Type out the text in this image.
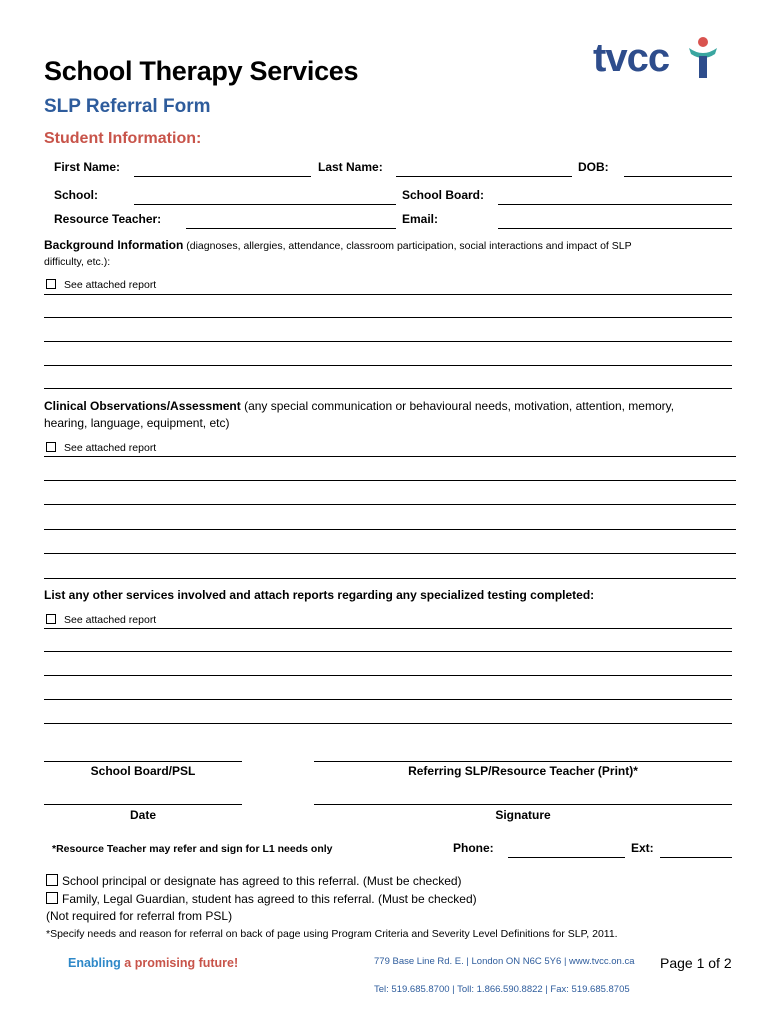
School Therapy Services
SLP Referral Form
tvcc
Student Information:
First Name:	Last Name:	DOB:
School:	School Board:
Resource Teacher:	Email:
Background Information (diagnoses, allergies, attendance, classroom participation, social interactions and impact of SLP
difficulty, etc.):
See attached report
Clinical Observations/Assessment (any special communication or behavioural needs, motivation, attention, memory,
hearing, language, equipment, etc)
See attached report
List any other services involved and attach reports regarding any specialized testing completed:
See attached report
School Board/PSL	Referring SLP/Resource Teacher (Print)*
Date	Signature
*Resource Teacher may refer and sign for L1 needs only	Phone:	Ext:
School principal or designate has agreed to this referral. (Must be checked)
Family, Legal Guardian, student has agreed to this referral. (Must be checked)
(Not required for referral from PSL)
*Specify needs and reason for referral on back of page using Program Criteria and Severity Level Definitions for SLP, 2011.
Enabling a promising future!	779 Base Line Rd. E. | London ON N6C 5Y6 | www.tvcc.on.ca Page 1 of 2
Tel: 519.685.8700 | Toll: 1.866.590.8822 | Fax: 519.685.8705
